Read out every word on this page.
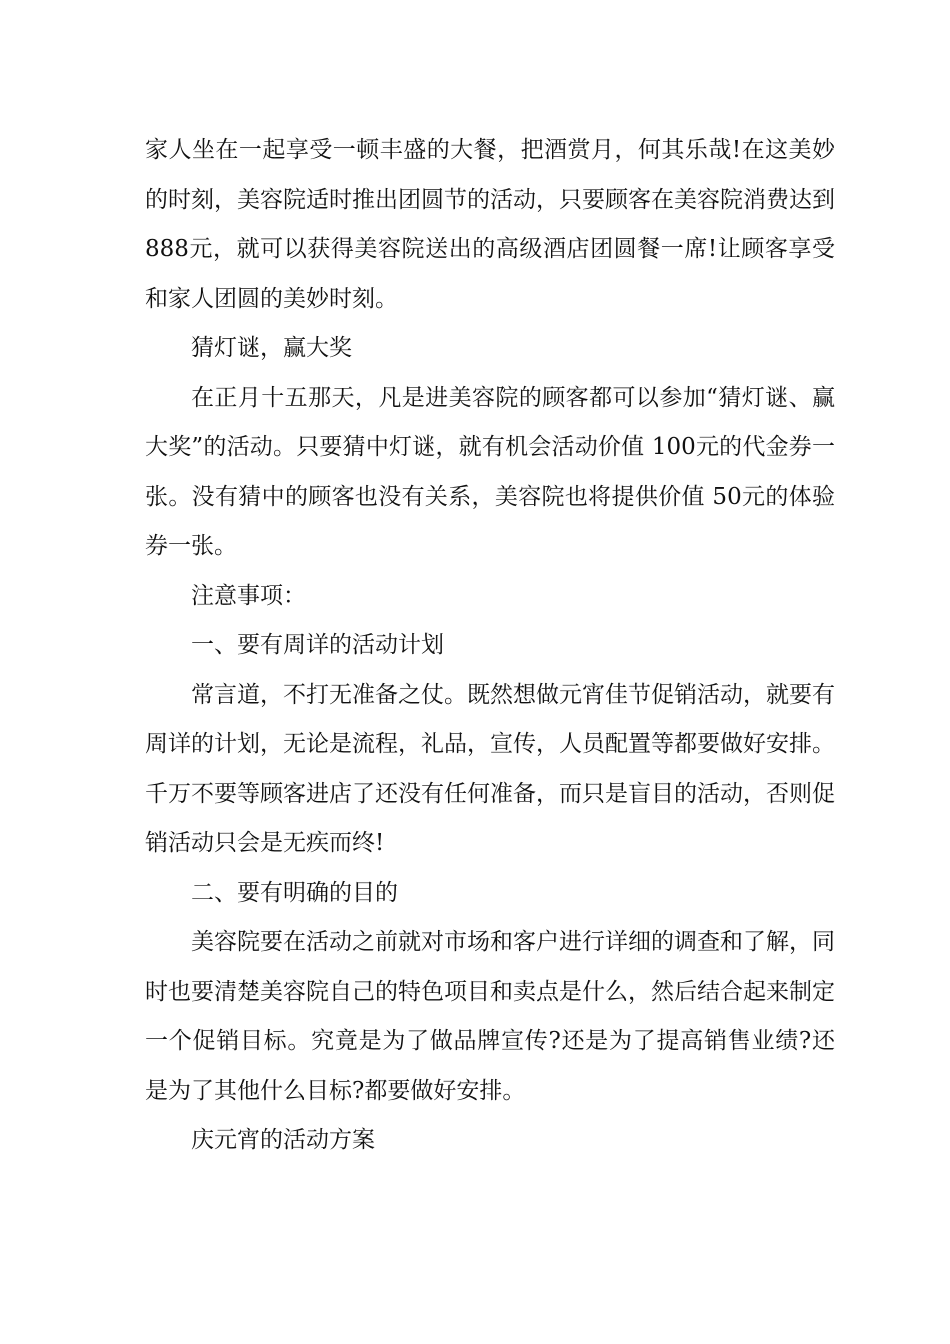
家人坐在一起享受一顿丰盛的大餐，把酒赏月，何其乐哉!在这美妙的时刻，美容院适时推出团圆节的活动，只要顾客在美容院消费达到888元，就可以获得美容院送出的高级酒店团圆餐一席!让顾客享受和家人团圆的美妙时刻。

猜灯谜，赢大奖

在正月十五那天，凡是进美容院的顾客都可以参加“猜灯谜、赢大奖”的活动。只要猜中灯谜，就有机会活动价值 100元的代金券一张。没有猜中的顾客也没有关系，美容院也将提供价值 50元的体验券一张。

注意事项：

一、要有周详的活动计划

常言道，不打无准备之仗。既然想做元宵佳节促销活动，就要有周详的计划，无论是流程，礼品，宣传，人员配置等都要做好安排。千万不要等顾客进店了还没有任何准备，而只是盲目的活动，否则促销活动只会是无疾而终!

二、要有明确的目的

美容院要在活动之前就对市场和客户进行详细的调查和了解，同时也要清楚美容院自己的特色项目和卖点是什么，然后结合起来制定一个促销目标。究竟是为了做品牌宣传?还是为了提高销售业绩?还是为了其他什么目标?都要做好安排。

庆元宵的活动方案
